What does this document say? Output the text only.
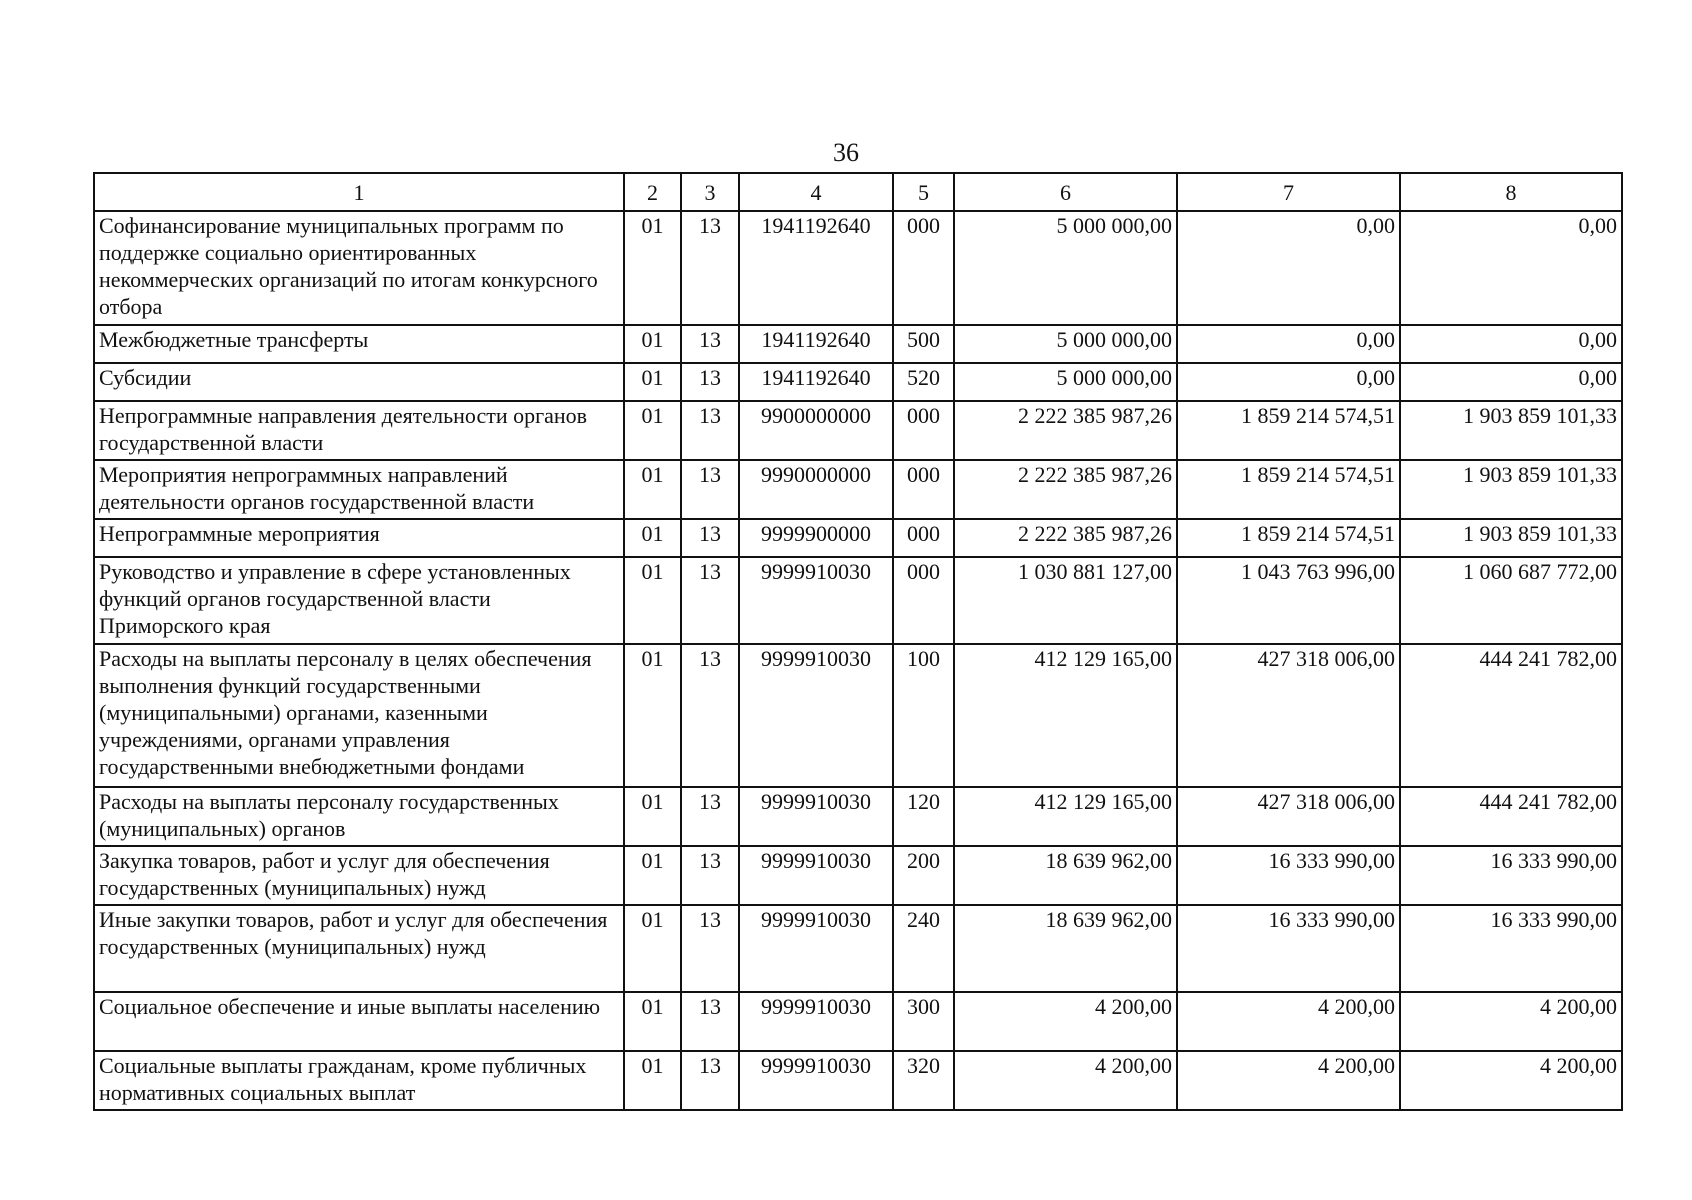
36
1	2	3	4	5	6	7	8
Софинансирование муниципальных программ по поддержке социально ориентированных некоммерческих организаций по итогам конкурсного отбора	01	13	1941192640	000	5 000 000,00	0,00	0,00
Межбюджетные трансферты	01	13	1941192640	500	5 000 000,00	0,00	0,00
Субсидии	01	13	1941192640	520	5 000 000,00	0,00	0,00
Непрограммные направления деятельности органов государственной власти	01	13	9900000000	000	2 222 385 987,26	1 859 214 574,51	1 903 859 101,33
Мероприятия непрограммных направлений деятельности органов государственной власти	01	13	9990000000	000	2 222 385 987,26	1 859 214 574,51	1 903 859 101,33
Непрограммные мероприятия	01	13	9999900000	000	2 222 385 987,26	1 859 214 574,51	1 903 859 101,33
Руководство и управление в сфере установленных функций органов государственной власти Приморского края	01	13	9999910030	000	1 030 881 127,00	1 043 763 996,00	1 060 687 772,00
Расходы на выплаты персоналу в целях обеспечения выполнения функций государственными (муниципальными) органами, казенными учреждениями, органами управления государственными внебюджетными фондами	01	13	9999910030	100	412 129 165,00	427 318 006,00	444 241 782,00
Расходы на выплаты персоналу государственных (муниципальных) органов	01	13	9999910030	120	412 129 165,00	427 318 006,00	444 241 782,00
Закупка товаров, работ и услуг для обеспечения государственных (муниципальных) нужд	01	13	9999910030	200	18 639 962,00	16 333 990,00	16 333 990,00
Иные закупки товаров, работ и услуг для обеспечения государственных (муниципальных) нужд	01	13	9999910030	240	18 639 962,00	16 333 990,00	16 333 990,00
Социальное обеспечение и иные выплаты населению	01	13	9999910030	300	4 200,00	4 200,00	4 200,00
Социальные выплаты гражданам, кроме публичных нормативных социальных выплат	01	13	9999910030	320	4 200,00	4 200,00	4 200,00
